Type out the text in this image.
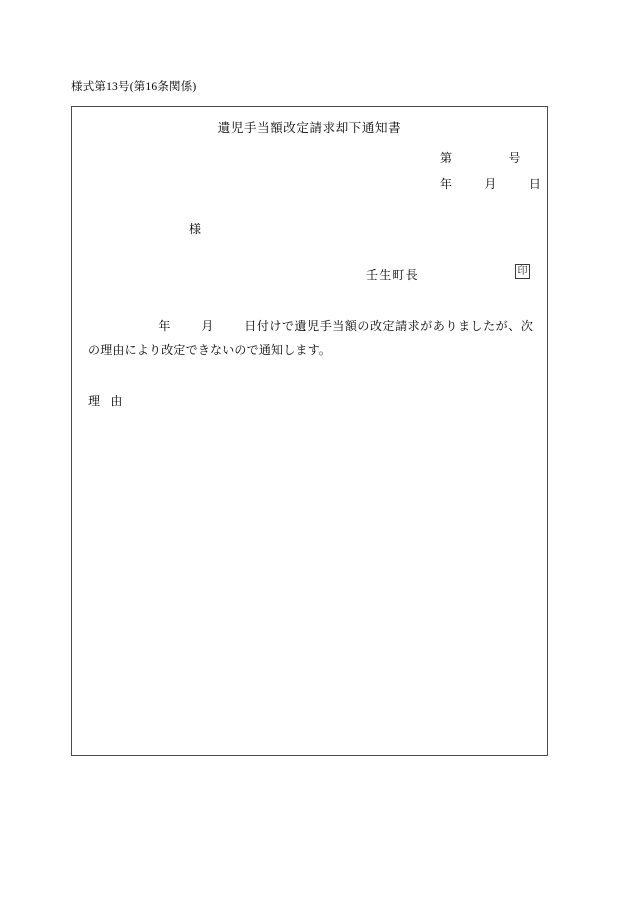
様式第13号(第16条関係)
遺児手当額改定請求却下通知書
第	号
年	月	日
様
壬生町長	印
年	月	日付けで遺児手当額の改定請求がありましたが、次の理由により改定できないので通知します。
理 由
